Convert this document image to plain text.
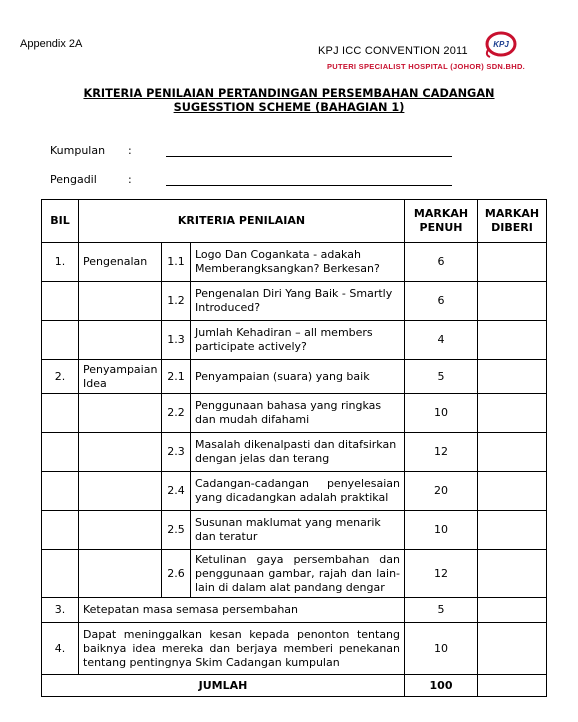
Appendix 2A
KPJ ICC CONVENTION 2011
PUTERI SPECIALIST HOSPITAL (JOHOR) SDN.BHD.
KPJ
KRITERIA PENILAIAN PERTANDINGAN PERSEMBAHAN CADANGAN
SUGESSTION SCHEME (BAHAGIAN 1)
Kumpulan :
Pengadil	:
BIL	KRITERIA PENILAIAN			MARKAH PENUH	MARKAH DIBERI
1.	Pengenalan	1.1	Logo Dan Cogankata - adakah Memberangksangkan? Berkesan?	6	
		1.2	Pengenalan Diri Yang Baik - Smartly Introduced?	6	
		1.3	Jumlah Kehadiran – all members participate actively?	4	
2.	Penyampaian Idea	2.1	Penyampaian (suara) yang baik	5	
		2.2	Penggunaan bahasa yang ringkas dan mudah difahami	10	
		2.3	Masalah dikenalpasti dan ditafsirkan dengan jelas dan terang	12	
		2.4	Cadangan-cadangan penyelesaian yang dicadangkan adalah praktikal	20	
		2.5	Susunan maklumat yang menarik dan teratur	10	
		2.6	Ketulinan gaya persembahan dan penggunaan gambar, rajah dan lain-lain di dalam alat pandang dengar	12	
3.	Ketepatan masa semasa persembahan			5	
4.	Dapat meninggalkan kesan kepada penonton tentang baiknya idea mereka dan berjaya memberi penekanan tentang pentingnya Skim Cadangan kumpulan			10	
JUMLAH				100	
